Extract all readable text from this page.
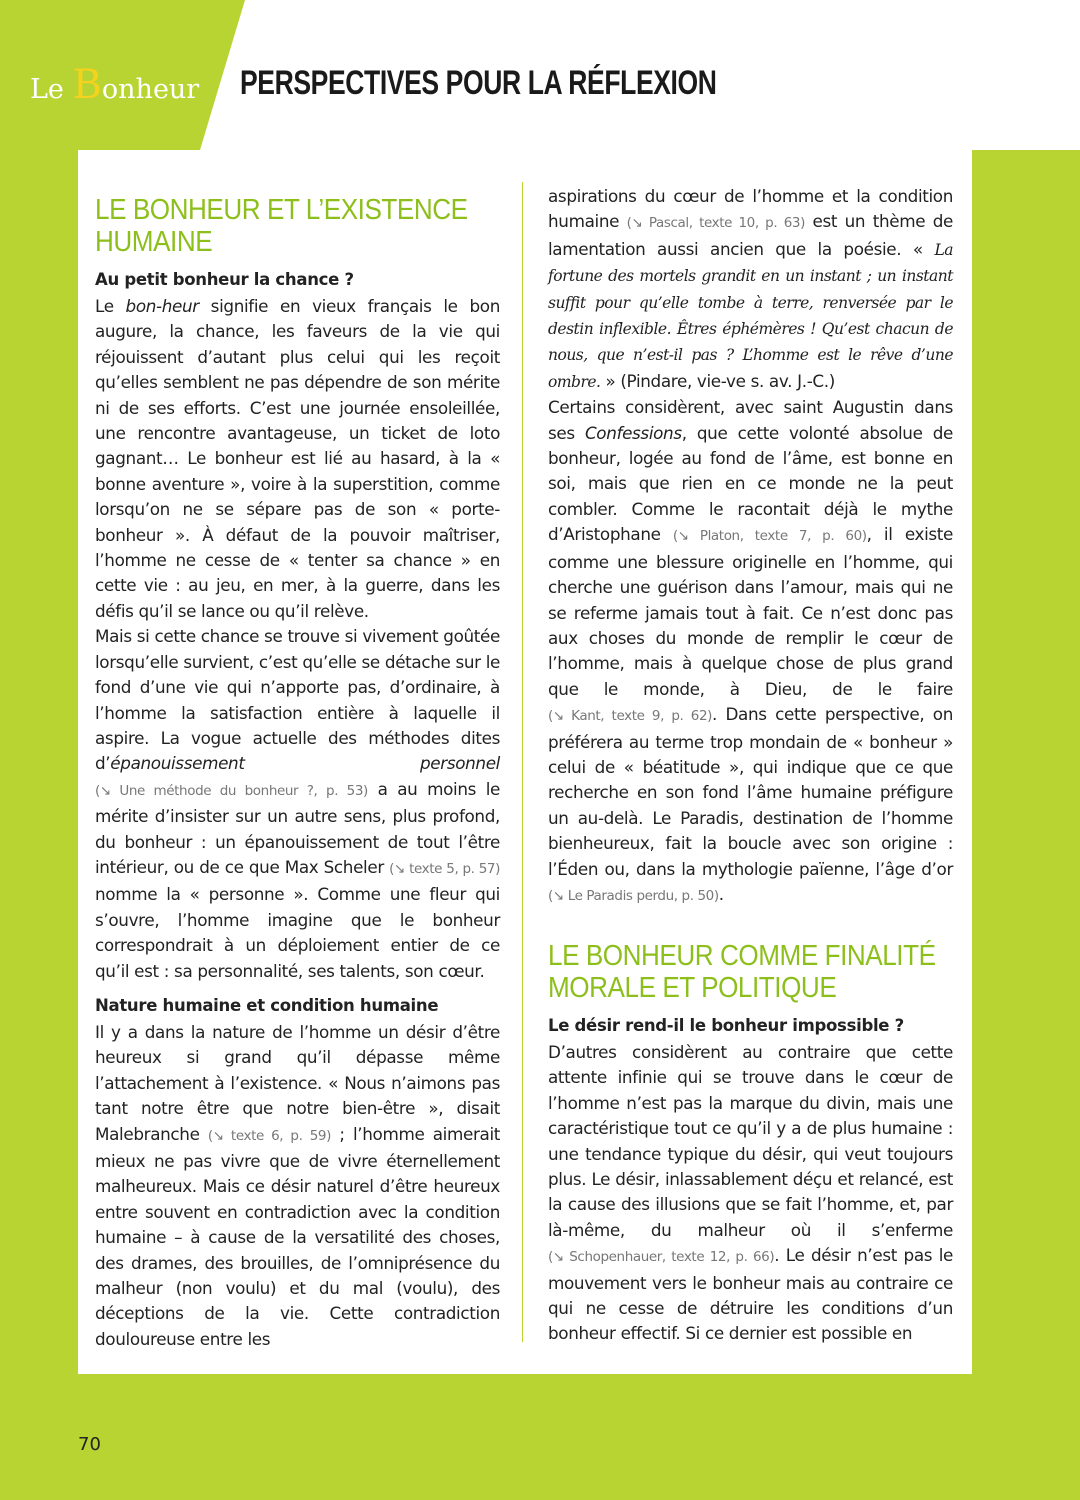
Le Bonheur PERSPECTIVES POUR LA RÉFLEXION
LE BONHEUR ET L’EXISTENCE HUMAINE
Au petit bonheur la chance ?

Le bon-heur signifie en vieux français le bon augure, la chance, les faveurs de la vie qui réjouissent d’autant plus celui qui les reçoit qu’elles semblent ne pas dépendre de son mérite ni de ses efforts. C’est une journée ensoleillée, une rencontre avantageuse, un ticket de loto gagnant… Le bonheur est lié au hasard, à la « bonne aventure », voire à la superstition, comme lorsqu’on ne se sépare pas de son « porte-bonheur ». À défaut de la pouvoir maîtriser, l’homme ne cesse de « tenter sa chance » en cette vie : au jeu, en mer, à la guerre, dans les défis qu’il se lance ou qu’il relève.

Mais si cette chance se trouve si vivement goûtée lorsqu’elle survient, c’est qu’elle se détache sur le fond d’une vie qui n’apporte pas, d’ordinaire, à l’homme la satisfaction entière à laquelle il aspire. La vogue actuelle des méthodes dites d’épanouissement personnel (↘ Une méthode du bonheur ?, p. 53) a au moins le mérite d’insister sur un autre sens, plus profond, du bonheur : un épanouissement de tout l’être intérieur, ou de ce que Max Scheler (↘ texte 5, p. 57) nomme la « personne ». Comme une fleur qui s’ouvre, l’homme imagine que le bonheur correspondrait à un déploiement entier de ce qu’il est : sa personnalité, ses talents, son cœur.

Nature humaine et condition humaine

Il y a dans la nature de l’homme un désir d’être heureux si grand qu’il dépasse même l’attachement à l’existence. « Nous n’aimons pas tant notre être que notre bien-être », disait Malebranche (↘ texte 6, p. 59) ; l’homme aimerait mieux ne pas vivre que de vivre éternellement malheureux. Mais ce désir naturel d’être heureux entre souvent en contradiction avec la condition humaine – à cause de la versatilité des choses, des drames, des brouilles, de l’omniprésence du malheur (non voulu) et du mal (voulu), des déceptions de la vie. Cette contradiction douloureuse entre les

aspirations du cœur de l’homme et la condition humaine (↘ Pascal, texte 10, p. 63) est un thème de lamentation aussi ancien que la poésie. « La fortune des mortels grandit en un instant ; un instant suffit pour qu’elle tombe à terre, renversée par le destin inflexible. Êtres éphémères ! Qu’est chacun de nous, que n’est-il pas ? L’homme est le rêve d’une ombre. » (Pindare, vie-ve s. av. J.-C.)

Certains considèrent, avec saint Augustin dans ses Confessions, que cette volonté absolue de bonheur, logée au fond de l’âme, est bonne en soi, mais que rien en ce monde ne la peut combler. Comme le racontait déjà le mythe d’Aristophane (↘ Platon, texte 7, p. 60), il existe comme une blessure originelle en l’homme, qui cherche une guérison dans l’amour, mais qui ne se referme jamais tout à fait. Ce n’est donc pas aux choses du monde de remplir le cœur de l’homme, mais à quelque chose de plus grand que le monde, à Dieu, de le faire (↘ Kant, texte 9, p. 62). Dans cette perspective, on préférera au terme trop mondain de « bonheur » celui de « béatitude », qui indique que ce que recherche en son fond l’âme humaine préfigure un au-delà. Le Paradis, destination de l’homme bienheureux, fait la boucle avec son origine : l’Éden ou, dans la mythologie païenne, l’âge d’or (↘ Le Paradis perdu, p. 50).

LE BONHEUR COMME FINALITÉ MORALE ET POLITIQUE
Le désir rend-il le bonheur impossible ?

D’autres considèrent au contraire que cette attente infinie qui se trouve dans le cœur de l’homme n’est pas la marque du divin, mais une caractéristique tout ce qu’il y a de plus humaine : une tendance typique du désir, qui veut toujours plus. Le désir, inlassablement déçu et relancé, est la cause des illusions que se fait l’homme, et, par là-même, du malheur où il s’enferme (↘ Schopenhauer, texte 12, p. 66). Le désir n’est pas le mouvement vers le bonheur mais au contraire ce qui ne cesse de détruire les conditions d’un bonheur effectif. Si ce dernier est possible en

70
